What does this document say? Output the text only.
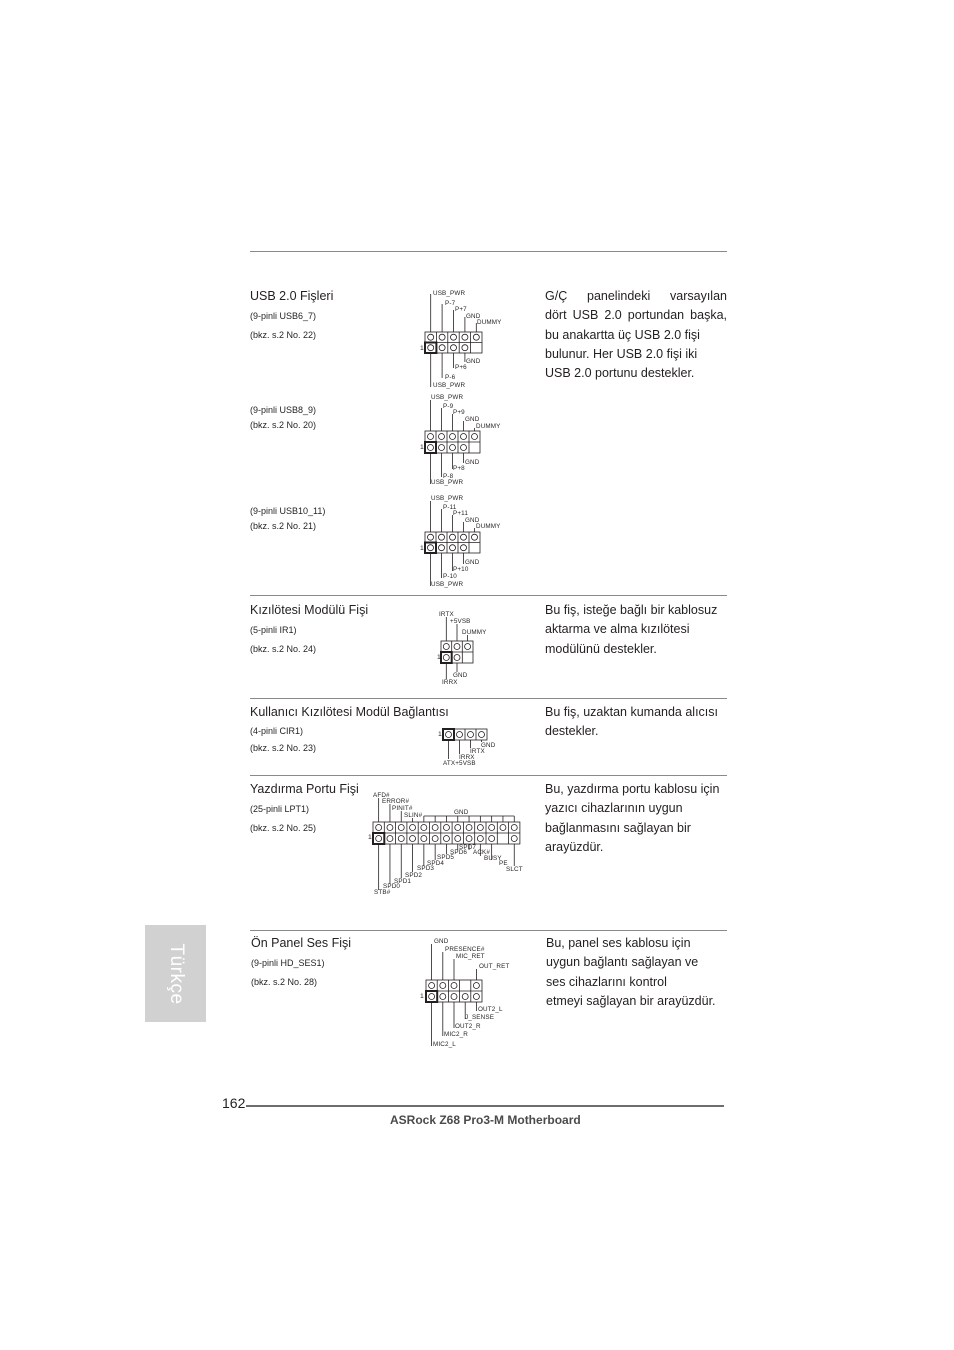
USB 2.0 Fişleri
(9-pinli USB6_7)
(bkz. s.2 No. 22)
(9-pinli USB8_9)
(bkz. s.2 No. 20)
(9-pinli USB10_11)
(bkz. s.2 No. 21)
G/Ç panelindeki varsayılan
dört USB 2.0 portundan başka,
bu anakartta üç USB 2.0 fişi
bulunur. Her USB 2.0 fişi iki
USB 2.0 portunu destekler.
USB_PWR
P-7
P+7
GND
DUMMY
GND
P+6
P-6
USB_PWR
1
USB_PWR
P-9
P+9
GND
DUMMY
GND
P+8
P-8
USB_PWR
1
USB_PWR
P-11
P+11
GND
DUMMY
GND
P+10
P-10
USB_PWR
1
Kızılötesi Modülü Fişi
(5-pinli IR1)
(bkz. s.2 No. 24)
Bu fiş, isteğe bağlı bir kablosuz
aktarma ve alma kızılötesi
modülünü destekler.
IRTX
+5VSB
DUMMY
GND
IRRX
1
Kullanıcı Kızılötesi Modül Bağlantısı
(4-pinli CIR1)
(bkz. s.2 No. 23)
Bu fiş, uzaktan kumanda alıcısı
destekler.
GND
IRTX
IRRX
ATX+5VSB
1
Yazdırma Portu Fişi
(25-pinli LPT1)
(bkz. s.2 No. 25)
Bu, yazdırma portu kablosu için
yazıcı cihazlarının uygun
bağlanmasını sağlayan bir
arayüzdür.
AFD#
ERROR#
PINIT#
SLIN#	GND
SPD7
SPD6 ACK#
SPD5	BUSY
SPD4	PE
SPD3	SLCT
SPD2
SPD1
SPD0
STB#
1
Ön Panel Ses Fişi
(9-pinli HD_SES1)
(bkz. s.2 No. 28)
Bu, panel ses kablosu için
uygun bağlantı sağlayan ve
ses cihazlarını kontrol
etmeyi sağlayan bir arayüzdür.
GND
PRESENCE#
MIC_RET
OUT_RET
OUT2_L
J_SENSE
OUT2_R
MIC2_R
MIC2_L
1
Türkçe
162
ASRock Z68 Pro3-M Motherboard
